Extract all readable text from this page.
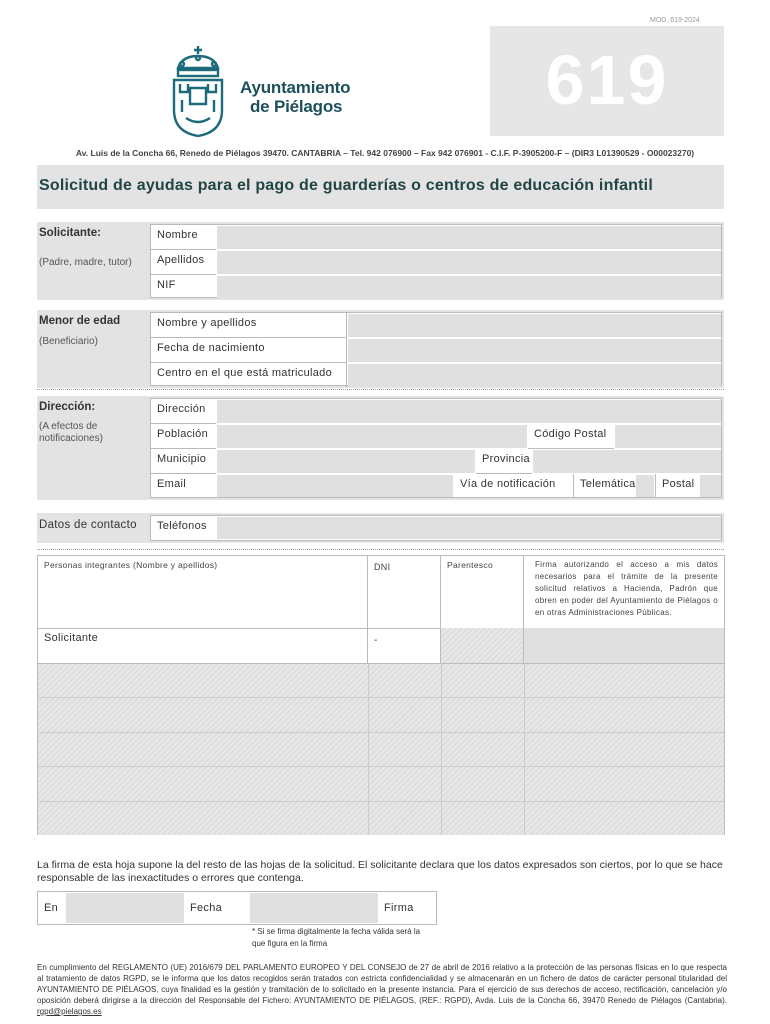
MOD. 619-2024
Ayuntamiento
de Piélagos	619
Av. Luis de la Concha 66, Renedo de Piélagos 39470. CANTABRIA – Tel. 942 076900 – Fax 942 076901 - C.I.F. P-3905200-F – (DIR3 L01390529 - O00023270)
Solicitud de ayudas para el pago de guarderías o centros de educación infantil
Solicitante:
(Padre, madre, tutor)
Nombre
Apellidos
NIF
Menor de edad
(Beneficiario)
Nombre y apellidos
Fecha de nacimiento
Centro en el que está matriculado
Dirección:
(A efectos de notificaciones)
Dirección
Población	Código Postal
Municipio	Provincia
Email	Vía de notificación	Telemática	Postal
Datos de contacto	Teléfonos
Personas integrantes (Nombre y apellidos)	DNI	Parentesco	Firma autorizando el acceso a mis datos necesarios para el trámite de la presente solicitud relativos a Hacienda, Padrón que obren en poder del Ayuntamiento de Piélagos o en otras Administraciones Públicas.
Solicitante	-
La firma de esta hoja supone la del resto de las hojas de la solicitud. El solicitante declara que los datos expresados son ciertos, por lo que se hace responsable de las inexactitudes o errores que contenga.
En	Fecha	Firma
* Si se firma digitalmente la fecha válida será la que figura en la firma
En cumplimiento del REGLAMENTO (UE) 2016/679 DEL PARLAMENTO EUROPEO Y DEL CONSEJO de 27 de abril de 2016 relativo a la protección de las personas físicas en lo que respecta al tratamiento de datos RGPD, se le informa que los datos recogidos serán tratados con estricta confidencialidad y se almacenarán en un fichero de datos de carácter personal titularidad del AYUNTAMIENTO DE PIÉLAGOS, cuya finalidad es la gestión y tramitación de lo solicitado en la presente instancia. Para el ejercicio de sus derechos de acceso, rectificación, cancelación y/o oposición deberá dirigirse a la dirección del Responsable del Fichero: AYUNTAMIENTO DE PIÉLAGOS, (REF.: RGPD), Avda. Luis de la Concha 66, 39470 Renedo de Piélagos (Cantabria). rgpd@pielagos.es
